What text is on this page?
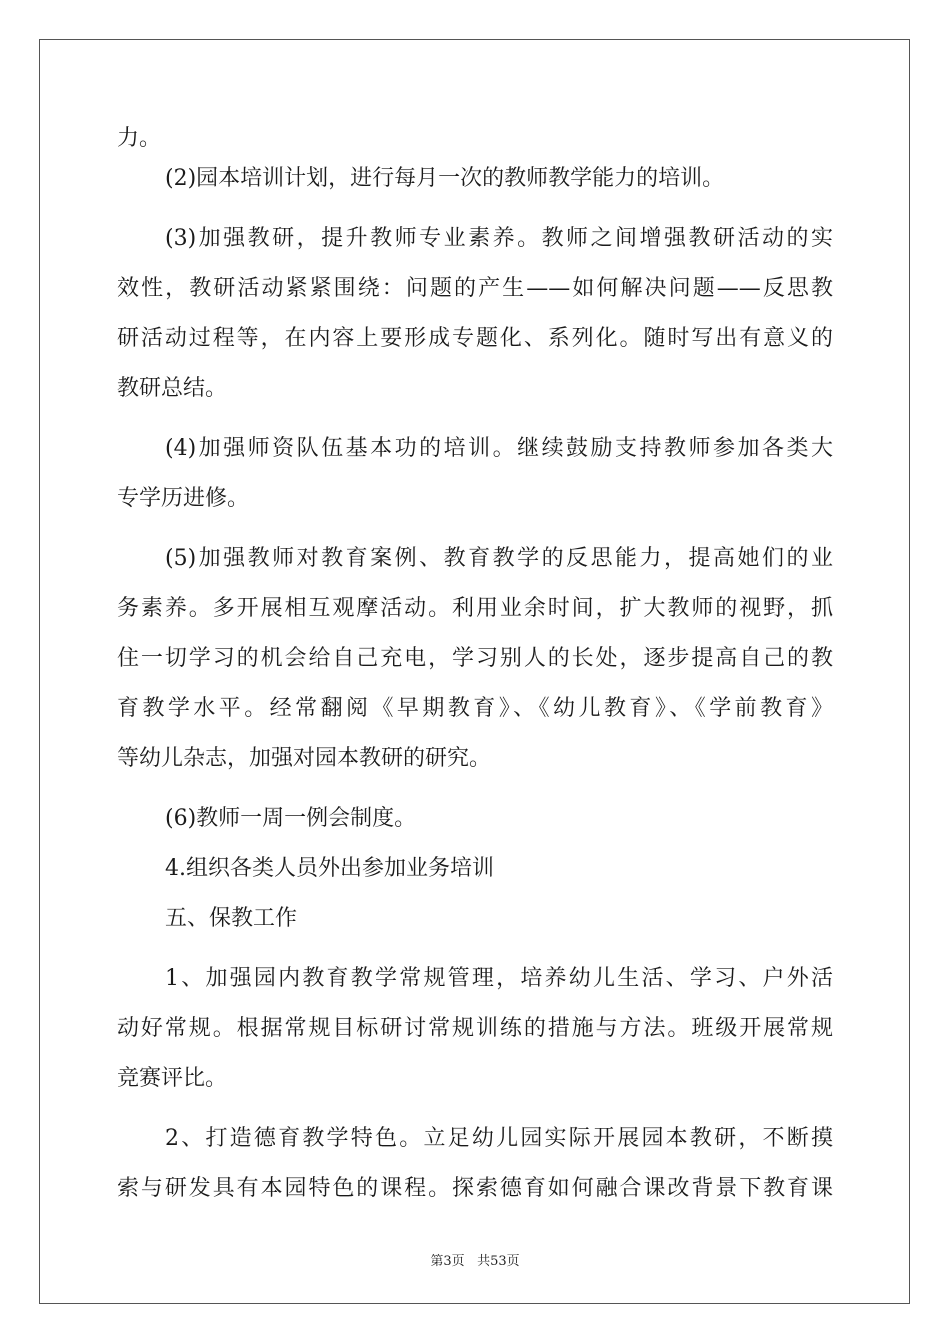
力。
(2)园本培训计划，进行每月一次的教师教学能力的培训。
(3)加强教研，提升教师专业素养。教师之间增强教研活动的实
效性，教研活动紧紧围绕：问题的产生——如何解决问题——反思教
研活动过程等，在内容上要形成专题化、系列化。随时写出有意义的
教研总结。
(4)加强师资队伍基本功的培训。继续鼓励支持教师参加各类大
专学历进修。
(5)加强教师对教育案例、教育教学的反思能力，提高她们的业
务素养。多开展相互观摩活动。利用业余时间，扩大教师的视野，抓
住一切学习的机会给自己充电，学习别人的长处，逐步提高自己的教
育教学水平。经常翻阅《早期教育》、《幼儿教育》、《学前教育》
等幼儿杂志，加强对园本教研的研究。
(6)教师一周一例会制度。
4.组织各类人员外出参加业务培训
五、保教工作
1、加强园内教育教学常规管理，培养幼儿生活、学习、户外活
动好常规。根据常规目标研讨常规训练的措施与方法。班级开展常规
竞赛评比。
2、打造德育教学特色。立足幼儿园实际开展园本教研，不断摸
索与研发具有本园特色的课程。探索德育如何融合课改背景下教育课
第3页 共53页
